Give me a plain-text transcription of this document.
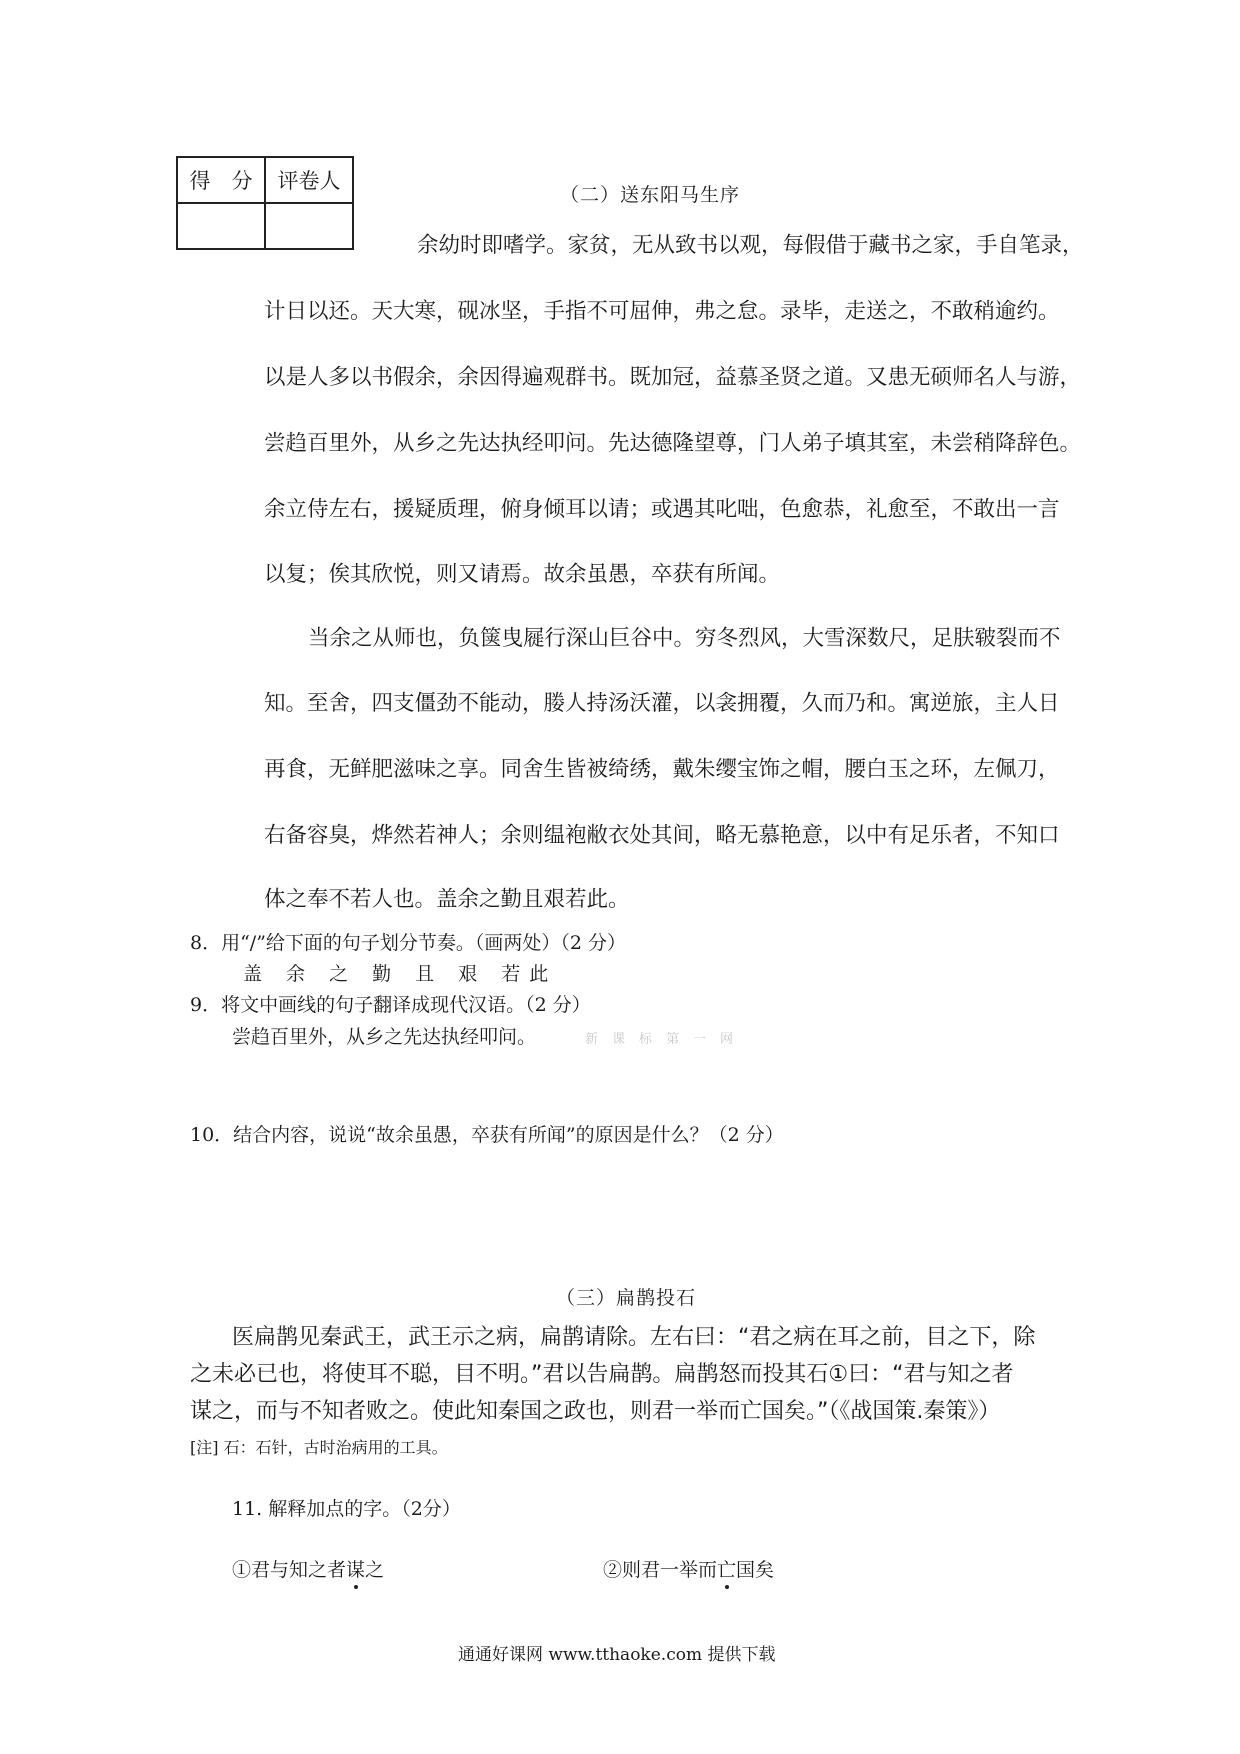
得　分	评卷人

（二）送东阳马生序
余幼时即嗜学。家贫，无从致书以观，每假借于藏书之家，手自笔录，
计日以还。天大寒，砚冰坚，手指不可屈伸，弗之怠。录毕，走送之，不敢稍逾约。
以是人多以书假余，余因得遍观群书。既加冠，益慕圣贤之道。又患无硕师名人与游，
尝趋百里外，从乡之先达执经叩问。先达德隆望尊，门人弟子填其室，未尝稍降辞色。
余立侍左右，援疑质理，俯身倾耳以请；或遇其叱咄，色愈恭，礼愈至，不敢出一言
以复；俟其欣悦，则又请焉。故余虽愚，卒获有所闻。
当余之从师也，负箧曳屣行深山巨谷中。穷冬烈风，大雪深数尺，足肤皲裂而不
知。至舍，四支僵劲不能动，媵人持汤沃灌，以衾拥覆，久而乃和。寓逆旅，主人日
再食，无鲜肥滋味之享。同舍生皆被绮绣，戴朱缨宝饰之帽，腰白玉之环，左佩刀，
右备容臭，烨然若神人；余则缊袍敝衣处其间，略无慕艳意，以中有足乐者，不知口
体之奉不若人也。盖余之勤且艰若此。
8．用“/”给下面的句子划分节奏。（画两处）（2 分）
盖 余 之 勤 且 艰 若此
9．将文中画线的句子翻译成现代汉语。（2 分）
尝趋百里外，从乡之先达执经叩问。	新课标第一网
10．结合内容，说说“故余虽愚，卒获有所闻”的原因是什么？（2 分）
（三）扁鹊投石
医扁鹊见秦武王，武王示之病，扁鹊请除。左右曰：“君之病在耳之前，目之下，除
之未必已也，将使耳不聪，目不明。”君以告扁鹊。扁鹊怒而投其石①曰：“君与知之者
谋之，而与不知者败之。使此知秦国之政也，则君一举而亡国矣。”（《战国策.秦策》）
[注] 石：石针，古时治病用的工具。
11. 解释加点的字。（2分）
①君与知之者谋之	②则君一举而亡国矣
通通好课网 www.tthaoke.com 提供下载
